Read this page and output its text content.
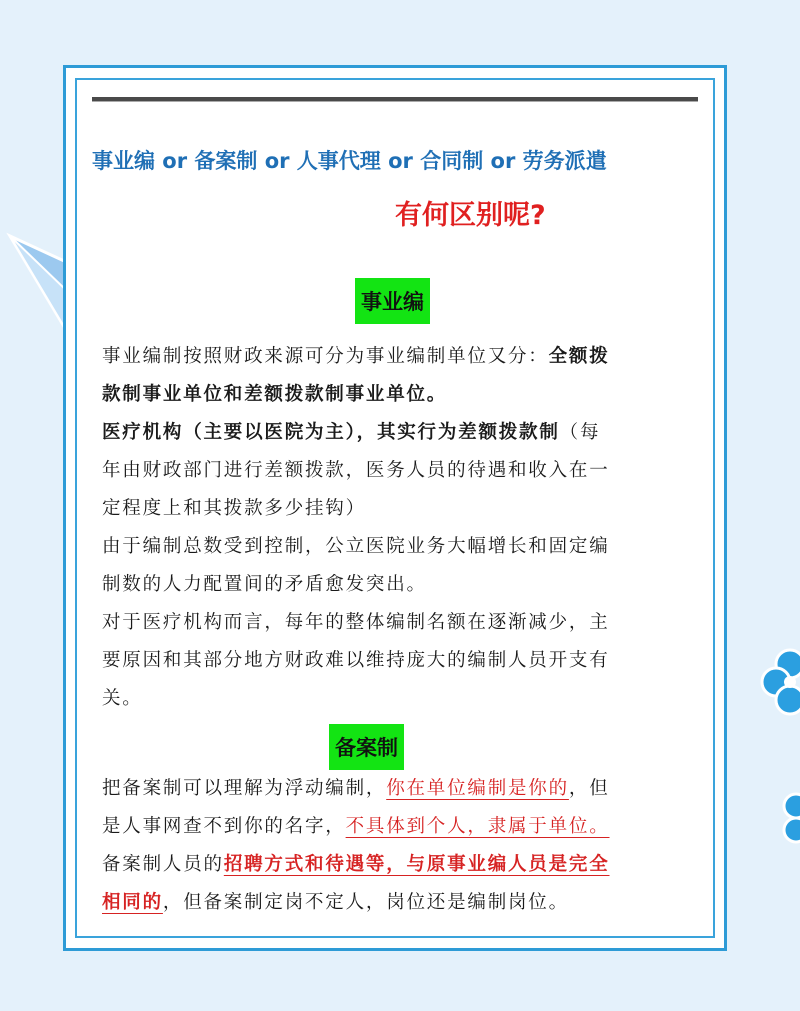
事业编 or 备案制 or 人事代理 or 合同制 or 劳务派遣
有何区别呢?
事业编
事业编制按照财政来源可分为事业编制单位又分：全额拨
款制事业单位和差额拨款制事业单位。
医疗机构（主要以医院为主），其实行为差额拨款制（每
年由财政部门进行差额拨款，医务人员的待遇和收入在一
定程度上和其拨款多少挂钩）
由于编制总数受到控制，公立医院业务大幅增长和固定编
制数的人力配置间的矛盾愈发突出。
对于医疗机构而言，每年的整体编制名额在逐渐减少，主
要原因和其部分地方财政难以维持庞大的编制人员开支有
关。
备案制
把备案制可以理解为浮动编制，你在单位编制是你的，但
是人事网查不到你的名字，不具体到个人，隶属于单位。
备案制人员的招聘方式和待遇等，与原事业编人员是完全
相同的，但备案制定岗不定人，岗位还是编制岗位。
